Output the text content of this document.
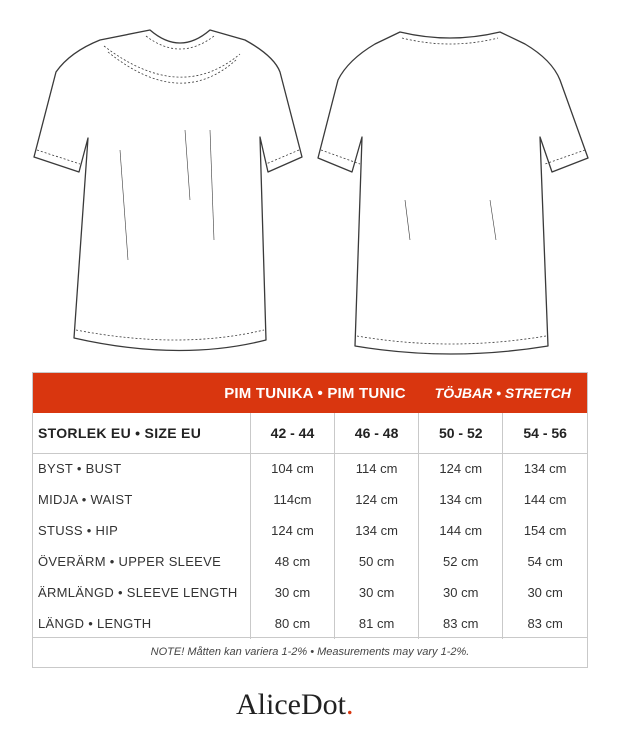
PIM TUNIKA • PIM TUNIC	TÖJBAR • STRETCH
STORLEK EU • SIZE EU	42 - 44	46 - 48	50 - 52	54 - 56
BYST • BUST	104 cm	114 cm	124 cm	134 cm
MIDJA • WAIST	114cm	124 cm	134 cm	144 cm
STUSS • HIP	124 cm	134 cm	144 cm	154 cm
ÖVERÄRM • UPPER SLEEVE	48 cm	50 cm	52 cm	54 cm
ÄRMLÄNGD • SLEEVE LENGTH	30 cm	30 cm	30 cm	30 cm
LÄNGD • LENGTH	80 cm	81 cm	83 cm	83 cm
NOTE! Måtten kan variera 1-2% • Measurements may vary 1-2%.
AliceDot.
